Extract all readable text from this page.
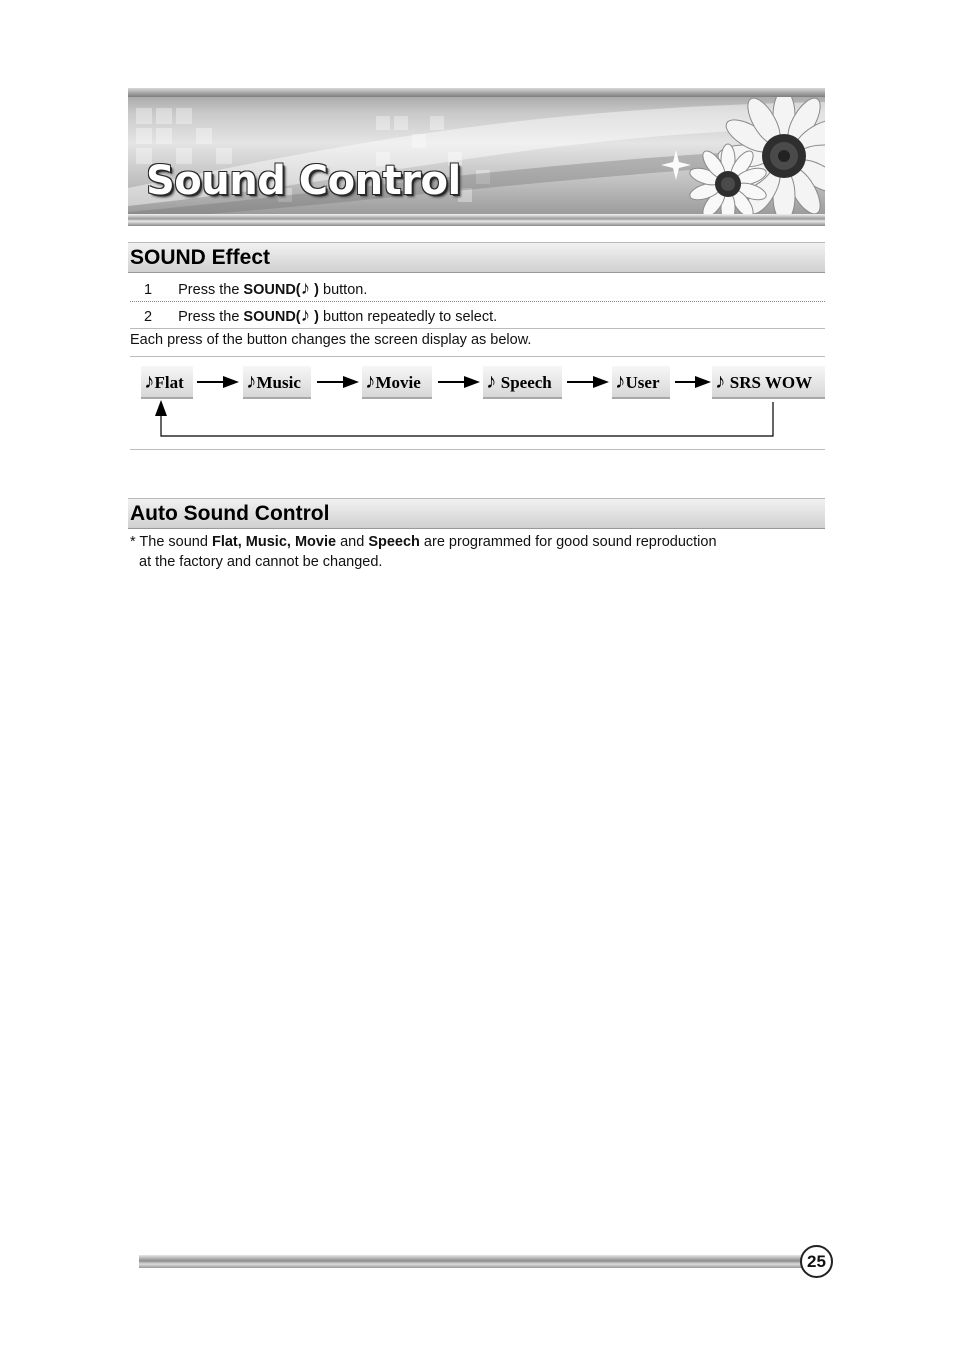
Sound Control
SOUND Effect
1 Press the SOUND(♪ ) button.
2 Press the SOUND(♪ ) button repeatedly to select.
Each press of the button changes the screen display as below.
♪Flat	♪Music	♪Movie	♪ Speech	♪User	♪ SRS WOW
Auto Sound Control
* The sound Flat, Music, Movie and Speech are programmed for good sound reproduction
at the factory and cannot be changed.
25
